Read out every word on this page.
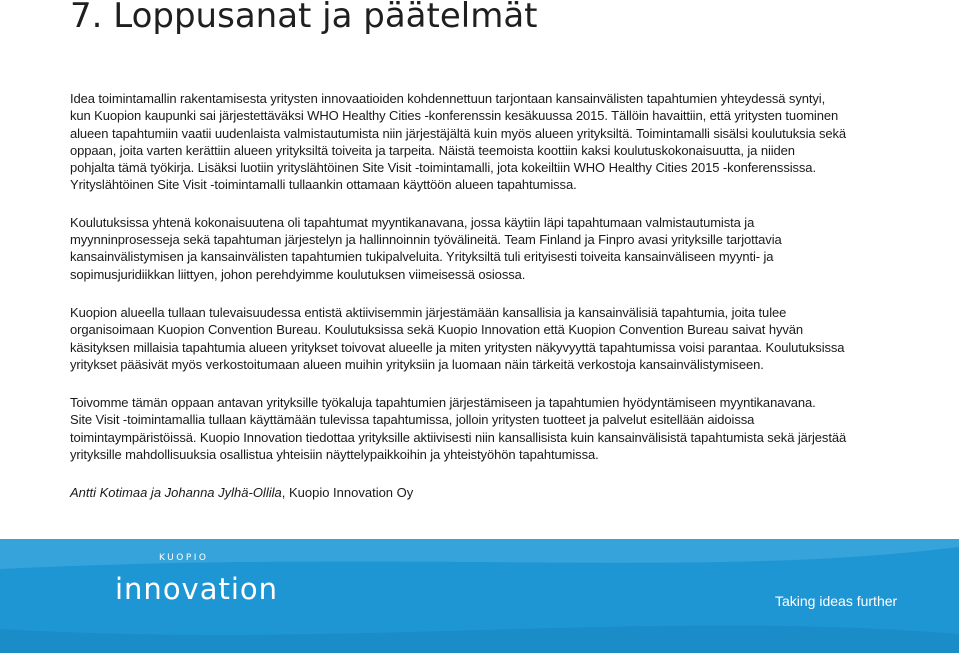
7. Loppusanat ja päätelmät

Idea toimintamallin rakentamisesta yritysten innovaatioiden kohdennettuun tarjontaan kansainvälisten tapahtumien yhteydessä syntyi,
kun Kuopion kaupunki sai järjestettäväksi WHO Healthy Cities -konferenssin kesäkuussa 2015. Tällöin havaittiin, että yritysten tuominen
alueen tapahtumiin vaatii uudenlaista valmistautumista niin järjestäjältä kuin myös alueen yrityksiltä. Toimintamalli sisälsi koulutuksia sekä
oppaan, joita varten kerättiin alueen yrityksiltä toiveita ja tarpeita. Näistä teemoista koottiin kaksi koulutuskokonaisuutta, ja niiden
pohjalta tämä työkirja. Lisäksi luotiin yrityslähtöinen Site Visit -toimintamalli, jota kokeiltiin WHO Healthy Cities 2015 -konferenssissa.
Yrityslähtöinen Site Visit -toimintamalli tullaankin ottamaan käyttöön alueen tapahtumissa.

Koulutuksissa yhtenä kokonaisuutena oli tapahtumat myyntikanavana, jossa käytiin läpi tapahtumaan valmistautumista ja
myynninprosesseja sekä tapahtuman järjestelyn ja hallinnoinnin työvälineitä. Team Finland ja Finpro avasi yrityksille tarjottavia
kansainvälistymisen ja kansainvälisten tapahtumien tukipalveluita. Yrityksiltä tuli erityisesti toiveita kansainväliseen myynti- ja
sopimusjuridiikkan liittyen, johon perehdyimme koulutuksen viimeisessä osiossa.

Kuopion alueella tullaan tulevaisuudessa entistä aktiivisemmin järjestämään kansallisia ja kansainvälisiä tapahtumia, joita tulee
organisoimaan Kuopion Convention Bureau. Koulutuksissa sekä Kuopio Innovation että Kuopion Convention Bureau saivat hyvän
käsityksen millaisia tapahtumia alueen yritykset toivovat alueelle ja miten yritysten näkyvyyttä tapahtumissa voisi parantaa. Koulutuksissa
yritykset pääsivät myös verkostoitumaan alueen muihin yrityksiin ja luomaan näin tärkeitä verkostoja kansainvälistymiseen.

Toivomme tämän oppaan antavan yrityksille työkaluja tapahtumien järjestämiseen ja tapahtumien hyödyntämiseen myyntikanavana.
Site Visit -toimintamallia tullaan käyttämään tulevissa tapahtumissa, jolloin yritysten tuotteet ja palvelut esitellään aidoissa
toimintaympäristöissä. Kuopio Innovation tiedottaa yrityksille aktiivisesti niin kansallisista kuin kansainvälisistä tapahtumista sekä järjestää
yrityksille mahdollisuuksia osallistua yhteisiin näyttelypaikkoihin ja yhteistyöhön tapahtumissa.

Antti Kotimaa ja Johanna Jylhä-Ollila, Kuopio Innovation Oy

KUOPIO
innovation	Taking ideas further
